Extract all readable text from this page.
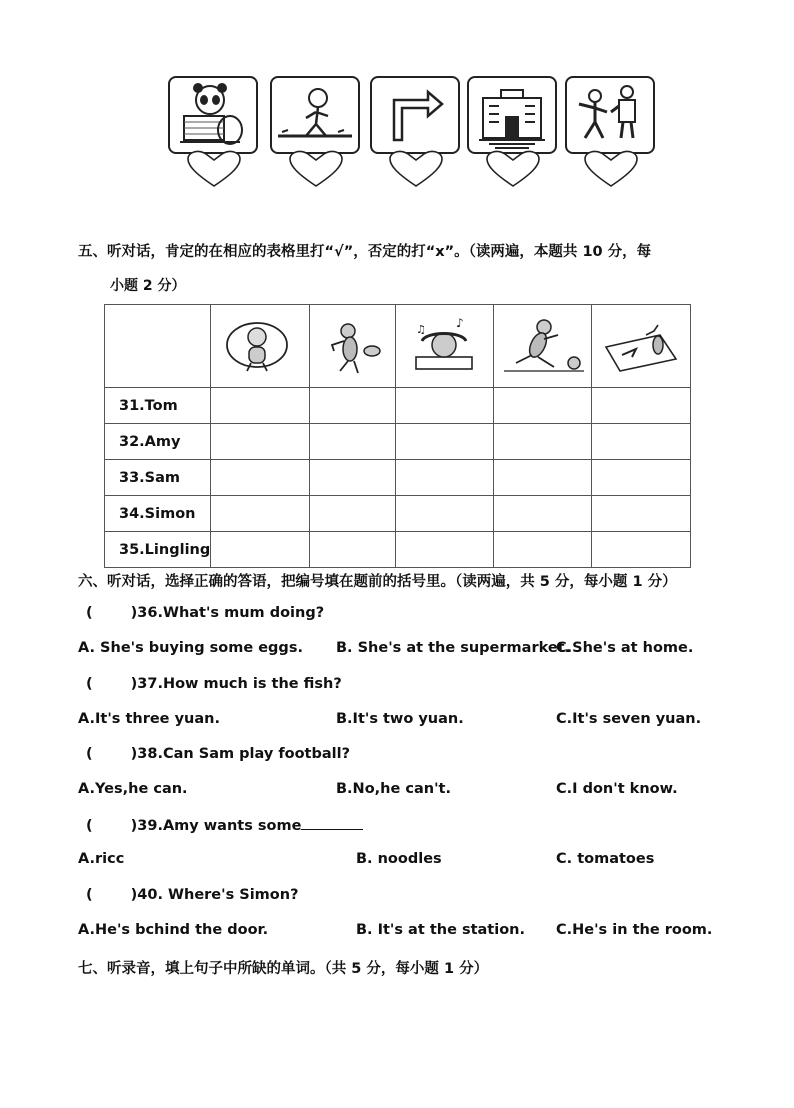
五、听对话，肯定的在相应的表格里打“√”，否定的打“x”。（读两遍，本题共 10 分，每
小题 2 分）

♪
♫

31.Tom					
32.Amy					
33.Sam					
34.Simon					
35.Lingling					
六、听对话，选择正确的答语，把编号填在题前的括号里。（读两遍，共 5 分，每小题 1 分）
(	)36.What's mum doing?
A. She's buying some eggs. B. She's at the supermarket.
C.She's at home.
(	)37.How much is the fish?
A.It's three yuan.	B.It's two yuan.	C.It's seven yuan.
(	)38.Can Sam play football?
A.Yes,he can.	B.No,he can't.	C.I don't know.
(	)39.Amy wants some
A.ricc	B. noodles	C. tomatoes
(	)40. Where's Simon?
A.He's bchind the door.	B. It's at the station. C.He's in the room.
七、听录音，填上句子中所缺的单词。（共 5 分，每小题 1 分）
